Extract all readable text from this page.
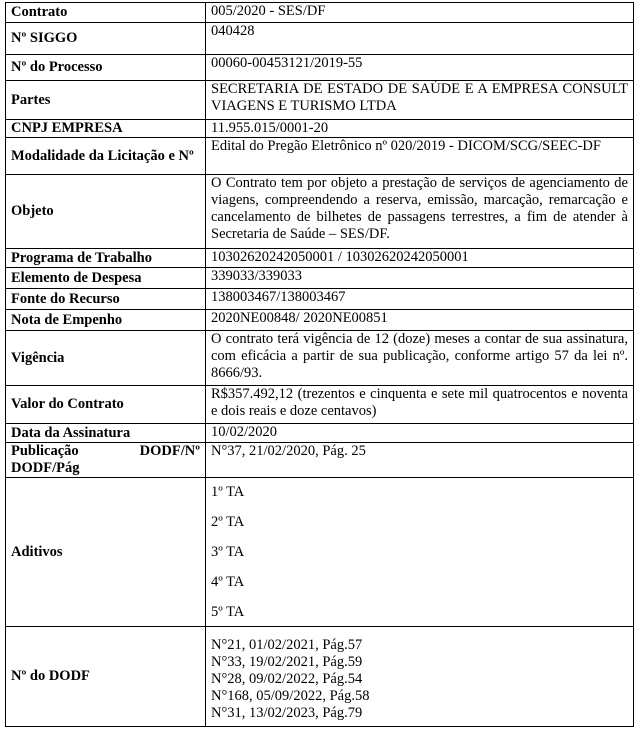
Contrato	005/2020 - SES/DF
Nº SIGGO	040428
Nº do Processo	00060-00453121/2019-55
Partes	SECRETARIA DE ESTADO DE SAÚDE E A EMPRESA CONSULT VIAGENS E TURISMO LTDA
CNPJ EMPRESA	11.955.015/0001-20
Modalidade da Licitação e Nº	Edital do Pregão Eletrônico nº 020/2019 - DICOM/SCG/SEEC-DF
Objeto	O Contrato tem por objeto a prestação de serviços de agenciamento de viagens, compreendendo a reserva, emissão, marcação, remarcação e cancelamento de bilhetes de passagens terrestres, a fim de atender à Secretaria de Saúde – SES/DF.
Programa de Trabalho	10302620242050001 / 10302620242050001
Elemento de Despesa	339033/339033
Fonte do Recurso	138003467/138003467
Nota de Empenho	2020NE00848/ 2020NE00851
Vigência	O contrato terá vigência de 12 (doze) meses a contar de sua assinatura, com eficácia a partir de sua publicação, conforme artigo 57 da lei nº. 8666/93.
Valor do Contrato	R$357.492,12 (trezentos e cinquenta e sete mil quatrocentos e noventa e dois reais e doze centavos)
Data da Assinatura	10/02/2020

Publicação DODF/Nº DODF/Pág	N°37, 21/02/2020, Pág. 25
Aditivos	1º TA
2º TA
3º TA
4º TA
5º TA

Nº do DODF	N°21, 01/02/2021, Pág.57
N°33, 19/02/2021, Pág.59
N°28, 09/02/2022, Pág.54
N°168, 05/09/2022, Pág.58
N°31, 13/02/2023, Pág.79
